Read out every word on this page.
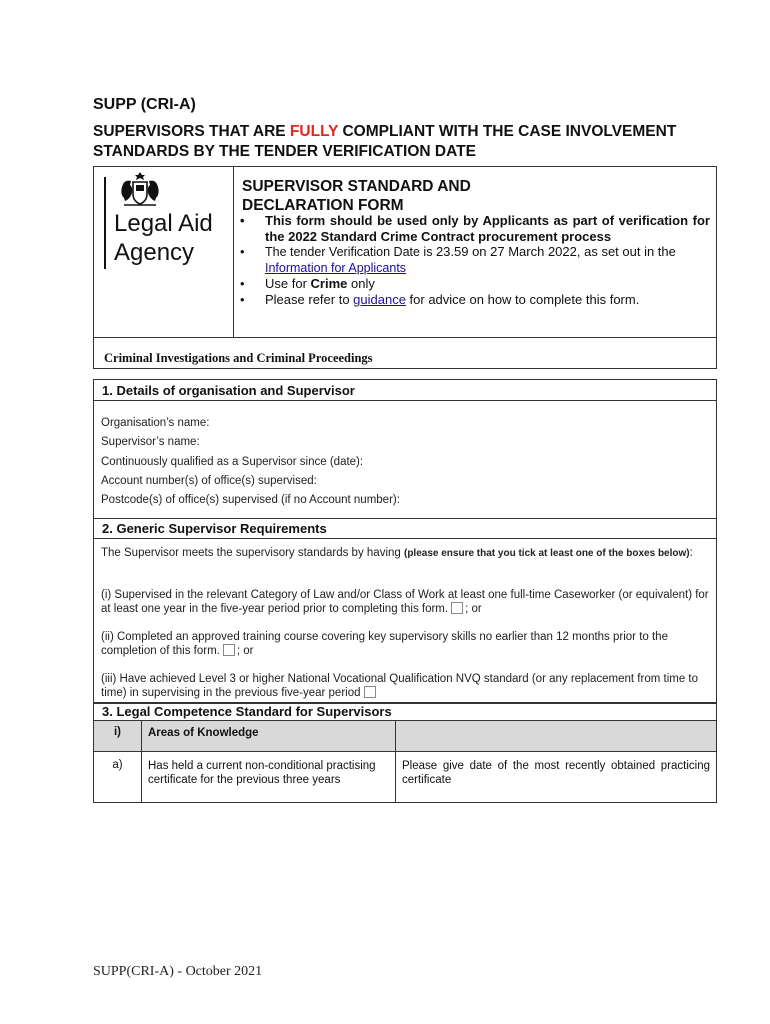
SUPP (CRI-A)
SUPERVISORS THAT ARE FULLY COMPLIANT WITH THE CASE INVOLVEMENT STANDARDS BY THE TENDER VERIFICATION DATE
Legal Aid
Agency
SUPERVISOR STANDARD AND DECLARATION FORM
• This form should be used only by Applicants as part of verification for the 2022 Standard Crime Contract procurement process
• The tender Verification Date is 23.59 on 27 March 2022, as set out in the
Information for Applicants
• Use for Crime only
• Please refer to guidance for advice on how to complete this form.
Criminal Investigations and Criminal Proceedings
1. Details of organisation and Supervisor
Organisation’s name:
Supervisor’s name:
Continuously qualified as a Supervisor since (date):
Account number(s) of office(s) supervised:
Postcode(s) of office(s) supervised (if no Account number):
2. Generic Supervisor Requirements
The Supervisor meets the supervisory standards by having (please ensure that you tick at least one of the boxes below):
(i) Supervised in the relevant Category of Law and/or Class of Work at least one full-time Caseworker (or equivalent) for at least one year in the five-year period prior to completing this form. ; or
(ii) Completed an approved training course covering key supervisory skills no earlier than 12 months prior to the completion of this form. ; or
(iii) Have achieved Level 3 or higher National Vocational Qualification NVQ standard (or any replacement from time to time) in supervising in the previous five-year period
3. Legal Competence Standard for Supervisors
i)	Areas of Knowledge
a)	Has held a current non-conditional practising certificate for the previous three years
Please give date of the most recently obtained practicing certificate
SUPP(CRI-A) - October 2021
